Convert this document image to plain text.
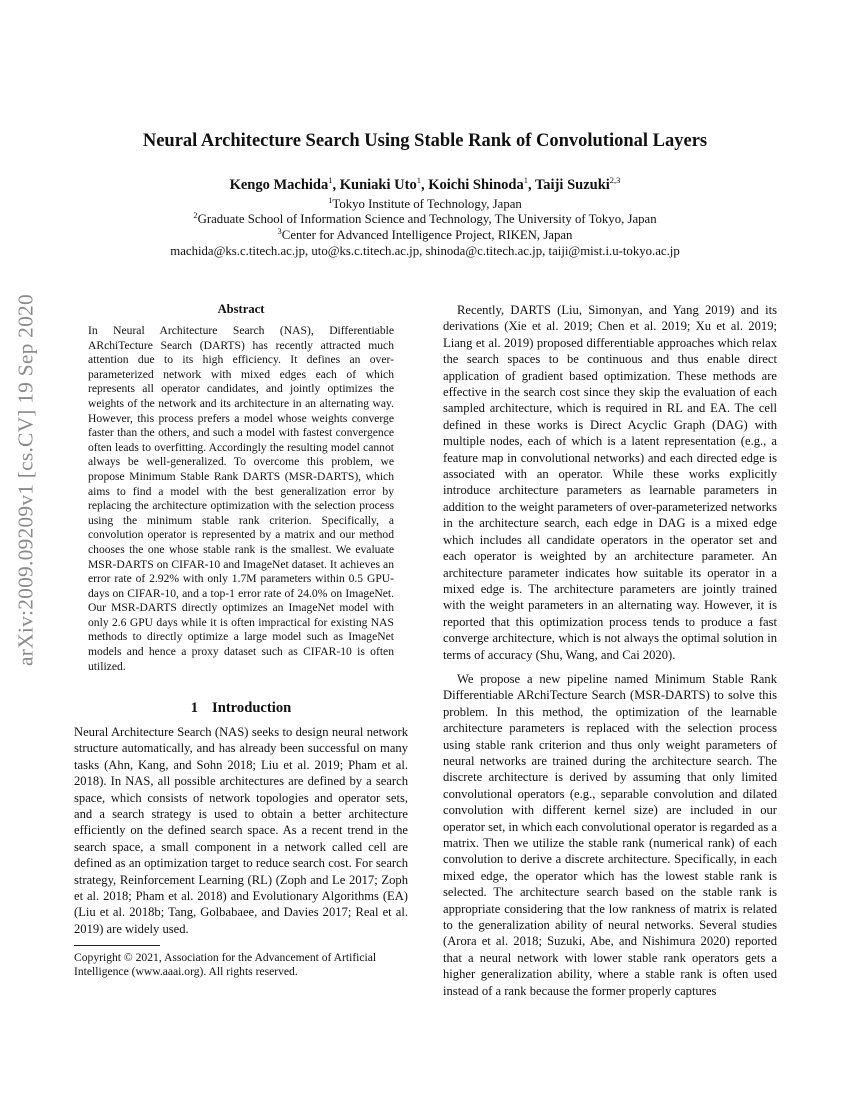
Neural Architecture Search Using Stable Rank of Convolutional Layers
Kengo Machida$^1$, Kuniaki Uto$^1$, Koichi Shinoda$^1$, Taiji Suzuki$^{2,3}$
$^1$Tokyo Institute of Technology, Japan
$^2$Graduate School of Information Science and Technology, The University of Tokyo, Japan
$^3$Center for Advanced Intelligence Project, RIKEN, Japan
machida@ks.c.titech.ac.jp, uto@ks.c.titech.ac.jp, shinoda@c.titech.ac.jp, taiji@mist.i.u-tokyo.ac.jp
arXiv:2009.09209v1 [cs.CV] 19 Sep 2020	Abstract

In Neural Architecture Search (NAS), Differentiable ARchiTecture Search (DARTS) has recently attracted much attention due to its high efficiency. It defines an over-parameterized network with mixed edges each of which represents all operator candidates, and jointly optimizes the weights of the network and its architecture in an alternating way. However, this process prefers a model whose weights converge faster than the others, and such a model with fastest convergence often leads to overfitting. Accordingly the resulting model cannot always be well-generalized. To overcome this problem, we propose Minimum Stable Rank DARTS (MSR-DARTS), which aims to find a model with the best generalization error by replacing the architecture optimization with the selection process using the minimum stable rank criterion. Specifically, a convolution operator is represented by a matrix and our method chooses the one whose stable rank is the smallest. We evaluate MSR-DARTS on CIFAR-10 and ImageNet dataset. It achieves an error rate of 2.92% with only 1.7M parameters within 0.5 GPU-days on CIFAR-10, and a top-1 error rate of 24.0% on ImageNet. Our MSR-DARTS directly optimizes an ImageNet model with only 2.6 GPU days while it is often impractical for existing NAS methods to directly optimize a large model such as ImageNet models and hence a proxy dataset such as CIFAR-10 is often utilized.

1 Introduction

Neural Architecture Search (NAS) seeks to design neural network structure automatically, and has already been successful on many tasks (Ahn, Kang, and Sohn 2018; Liu et al. 2019; Pham et al. 2018). In NAS, all possible architectures are defined by a search space, which consists of network topologies and operator sets, and a search strategy is used to obtain a better architecture efficiently on the defined search space. As a recent trend in the search space, a small component in a network called cell are defined as an optimization target to reduce search cost. For search strategy, Reinforcement Learning (RL) (Zoph and Le 2017; Zoph et al. 2018; Pham et al. 2018) and Evolutionary Algorithms (EA) (Liu et al. 2018b; Tang, Golbabaee, and Davies 2017; Real et al. 2019) are widely used.

Copyright © 2021, Association for the Advancement of Artificial Intelligence (www.aaai.org). All rights reserved.

Recently, DARTS (Liu, Simonyan, and Yang 2019) and its derivations (Xie et al. 2019; Chen et al. 2019; Xu et al. 2019; Liang et al. 2019) proposed differentiable approaches which relax the search spaces to be continuous and thus enable direct application of gradient based optimization. These methods are effective in the search cost since they skip the evaluation of each sampled architecture, which is required in RL and EA. The cell defined in these works is Direct Acyclic Graph (DAG) with multiple nodes, each of which is a latent representation (e.g., a feature map in convolutional networks) and each directed edge is associated with an operator. While these works explicitly introduce architecture parameters as learnable parameters in addition to the weight parameters of over-parameterized networks in the architecture search, each edge in DAG is a mixed edge which includes all candidate operators in the operator set and each operator is weighted by an architecture parameter. An architecture parameter indicates how suitable its operator in a mixed edge is. The architecture parameters are jointly trained with the weight parameters in an alternating way. However, it is reported that this optimization process tends to produce a fast converge architecture, which is not always the optimal solution in terms of accuracy (Shu, Wang, and Cai 2020).

We propose a new pipeline named Minimum Stable Rank Differentiable ARchiTecture Search (MSR-DARTS) to solve this problem. In this method, the optimization of the learnable architecture parameters is replaced with the selection process using stable rank criterion and thus only weight parameters of neural networks are trained during the architecture search. The discrete architecture is derived by assuming that only limited convolutional operators (e.g., separable convolution and dilated convolution with different kernel size) are included in our operator set, in which each convolutional operator is regarded as a matrix. Then we utilize the stable rank (numerical rank) of each convolution to derive a discrete architecture. Specifically, in each mixed edge, the operator which has the lowest stable rank is selected. The architecture search based on the stable rank is appropriate considering that the low rankness of matrix is related to the generalization ability of neural networks. Several studies (Arora et al. 2018; Suzuki, Abe, and Nishimura 2020) reported that a neural network with lower stable rank operators gets a higher generalization ability, where a stable rank is often used instead of a rank because the former properly captures
